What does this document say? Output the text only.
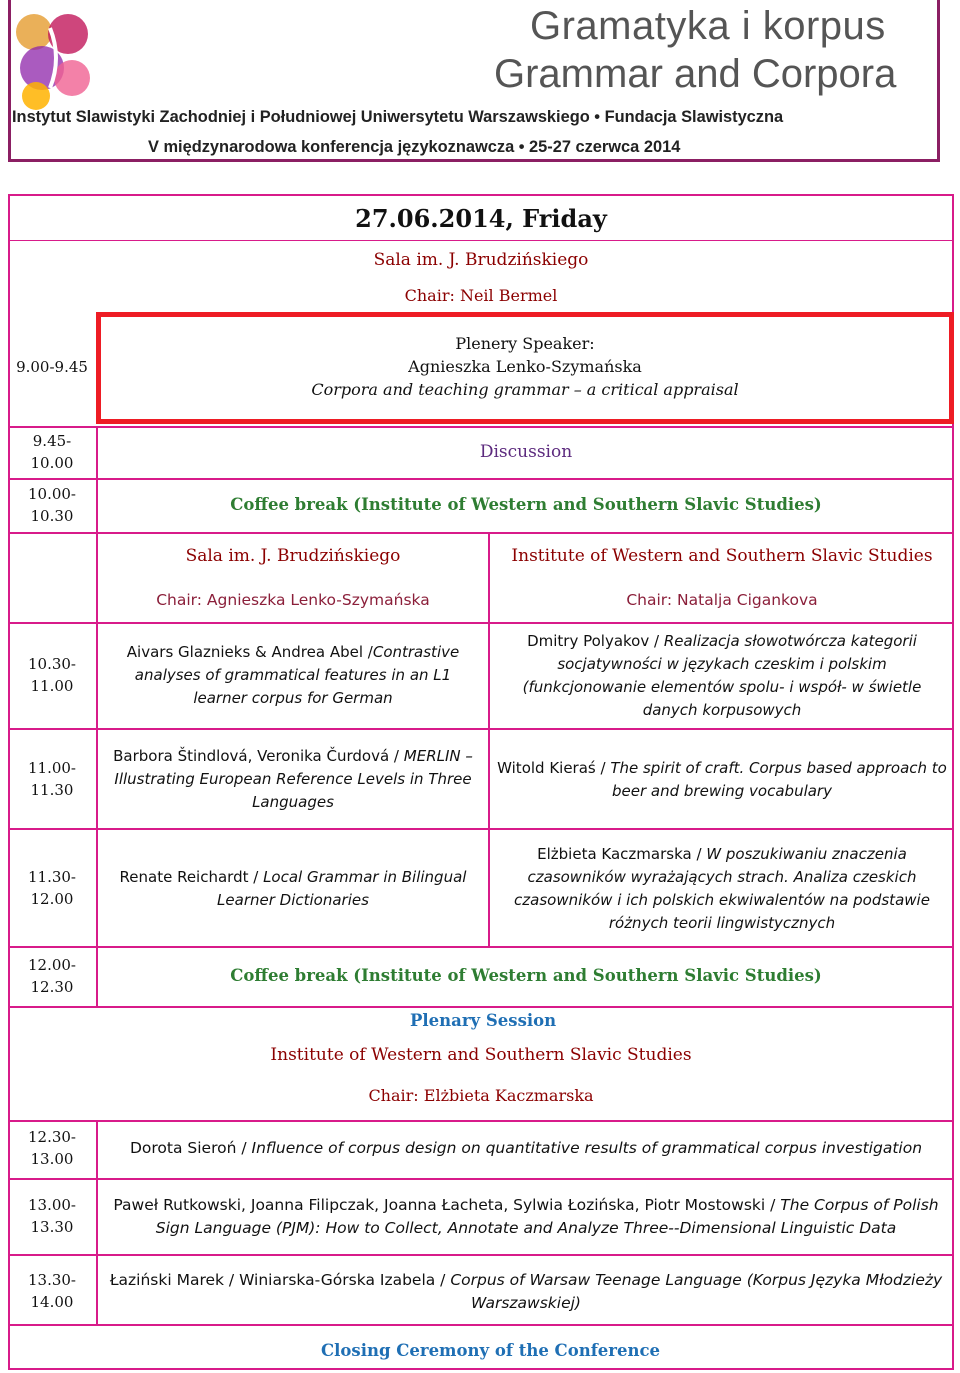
Gramatyka i korpus
Grammar and Corpora
Instytut Slawistyki Zachodniej i Południowej Uniwersytetu Warszawskiego • Fundacja Slawistyczna
V międzynarodowa konferencja językoznawcza • 25-27 czerwca 2014
27.06.2014, Friday
Sala im. J. Brudzińskiego
Chair: Neil Bermel
9.00-9.45
Plenery Speaker:
Agnieszka Lenko-Szymańska
Corpora and teaching grammar – a critical appraisal
9.45-
10.00
Discussion
10.00-
10.30
Coffee break (Institute of Western and Southern Slavic Studies)
Sala im. J. Brudzińskiego	Institute of Western and Southern Slavic Studies
Chair: Agnieszka Lenko-Szymańska	Chair: Natalja Cigankova
10.30-
11.00
Aivars Glaznieks & Andrea Abel /Contrastive analyses of grammatical features in an L1 learner corpus for German
Dmitry Polyakov / Realizacja słowotwórcza kategorii socjatywności w językach czeskim i polskim (funkcjonowanie elementów spolu- i współ- w świetle danych korpusowych
11.00-
11.30
Barbora Štindlová, Veronika Čurdová / MERLIN – Illustrating European Reference Levels in Three Languages
Witold Kieraś / The spirit of craft. Corpus based approach to beer and brewing vocabulary
11.30-
12.00
Renate Reichardt / Local Grammar in Bilingual Learner Dictionaries
Elżbieta Kaczmarska / W poszukiwaniu znaczenia czasowników wyrażających strach. Analiza czeskich czasowników i ich polskich ekwiwalentów na podstawie różnych teorii lingwistycznych
12.00-
12.30
Coffee break (Institute of Western and Southern Slavic Studies)
Plenary Session
Institute of Western and Southern Slavic Studies
Chair: Elżbieta Kaczmarska
12.30-
13.00
Dorota Sieroń / Influence of corpus design on quantitative results of grammatical corpus investigation
13.00-
13.30
Paweł Rutkowski, Joanna Filipczak, Joanna Łacheta, Sylwia Łozińska, Piotr Mostowski / The Corpus of Polish Sign Language (PJM): How to Collect, Annotate and Analyze Three--Dimensional Linguistic Data
13.30-
14.00
Łaziński Marek / Winiarska-Górska Izabela / Corpus of Warsaw Teenage Language (Korpus Języka Młodzieży Warszawskiej)
Closing Ceremony of the Conference
